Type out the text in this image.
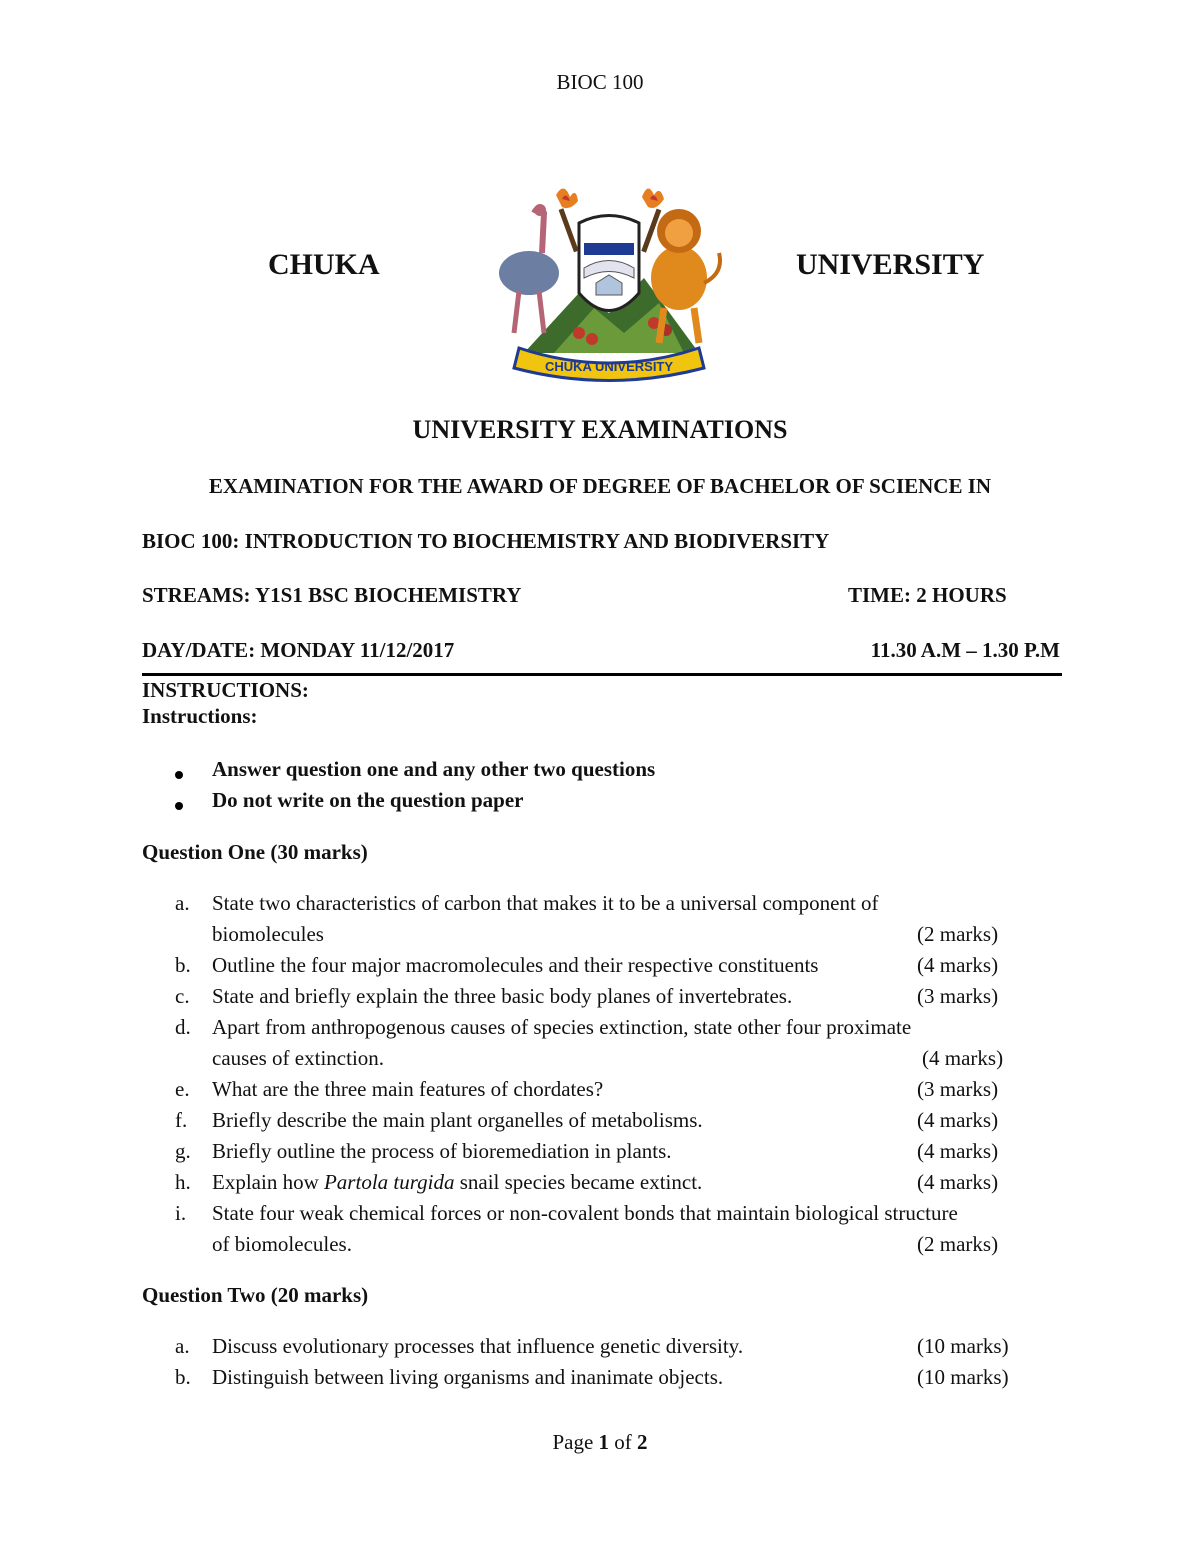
BIOC 100
CHUKA	UNIVERSITY
CHUKA UNIVERSITY
UNIVERSITY EXAMINATIONS
EXAMINATION FOR THE AWARD OF DEGREE OF BACHELOR OF SCIENCE IN
BIOC 100: INTRODUCTION TO BIOCHEMISTRY AND BIODIVERSITY
STREAMS: Y1S1 BSC BIOCHEMISTRY	TIME: 2 HOURS
DAY/DATE: MONDAY 11/12/2017	11.30 A.M – 1.30 P.M
INSTRUCTIONS:
Instructions:
Answer question one and any other two questions
Do not write on the question paper
Question One (30 marks)
a. State two characteristics of carbon that makes it to be a universal component of
biomolecules	(2 marks)
b. Outline the four major macromolecules and their respective constituents	(4 marks)
c. State and briefly explain the three basic body planes of invertebrates.	(3 marks)
d. Apart from anthropogenous causes of species extinction, state other four proximate
causes of extinction.	(4 marks)
e. What are the three main features of chordates?	(3 marks)
f. Briefly describe the main plant organelles of metabolisms.	(4 marks)
g. Briefly outline the process of bioremediation in plants.	(4 marks)
h. Explain how Partola turgida snail species became extinct.	(4 marks)
i. State four weak chemical forces or non-covalent bonds that maintain biological structure
of biomolecules.	(2 marks)
Question Two (20 marks)
a. Discuss evolutionary processes that influence genetic diversity.	(10 marks)
b. Distinguish between living organisms and inanimate objects.	(10 marks)
Page 1 of 2
